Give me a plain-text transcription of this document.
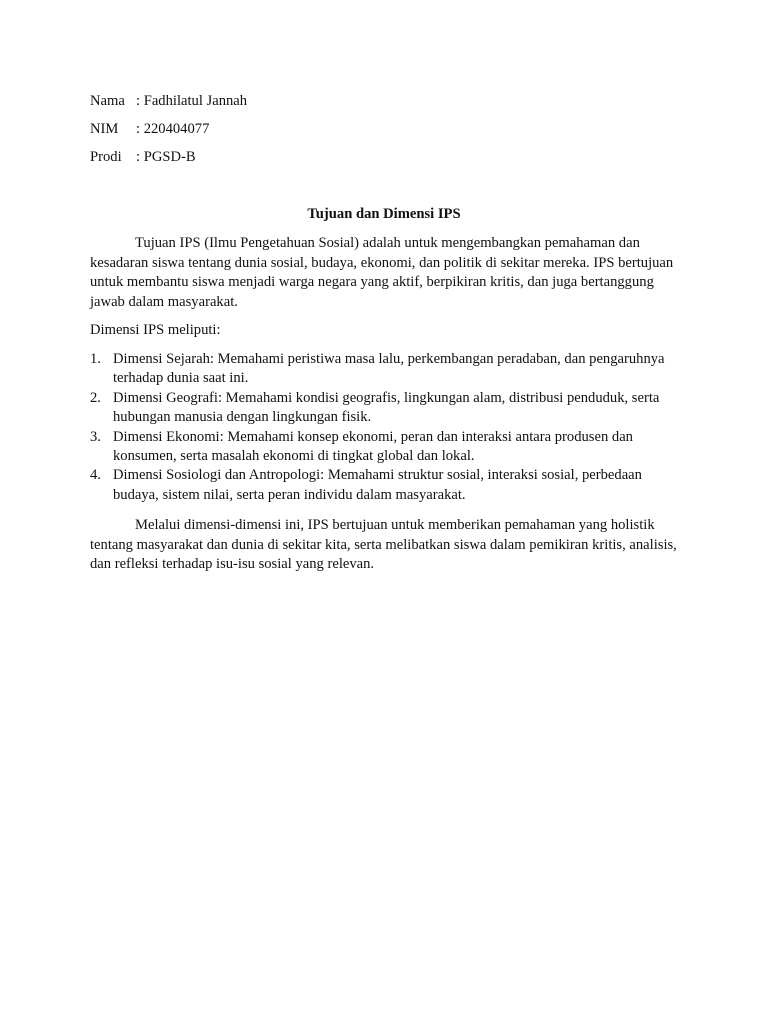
Nama : Fadhilatul Jannah
NIM : 220404077
Prodi : PGSD-B
Tujuan dan Dimensi IPS

Tujuan IPS (Ilmu Pengetahuan Sosial) adalah untuk mengembangkan pemahaman dan kesadaran siswa tentang dunia sosial, budaya, ekonomi, dan politik di sekitar mereka. IPS bertujuan untuk membantu siswa menjadi warga negara yang aktif, berpikiran kritis, dan juga bertanggung jawab dalam masyarakat.

Dimensi IPS meliputi:

1. Dimensi Sejarah: Memahami peristiwa masa lalu, perkembangan peradaban, dan pengaruhnya terhadap dunia saat ini.
2. Dimensi Geografi: Memahami kondisi geografis, lingkungan alam, distribusi penduduk, serta hubungan manusia dengan lingkungan fisik.
3. Dimensi Ekonomi: Memahami konsep ekonomi, peran dan interaksi antara produsen dan konsumen, serta masalah ekonomi di tingkat global dan lokal.
4. Dimensi Sosiologi dan Antropologi: Memahami struktur sosial, interaksi sosial, perbedaan budaya, sistem nilai, serta peran individu dalam masyarakat.

Melalui dimensi-dimensi ini, IPS bertujuan untuk memberikan pemahaman yang holistik tentang masyarakat dan dunia di sekitar kita, serta melibatkan siswa dalam pemikiran kritis, analisis, dan refleksi terhadap isu-isu sosial yang relevan.
